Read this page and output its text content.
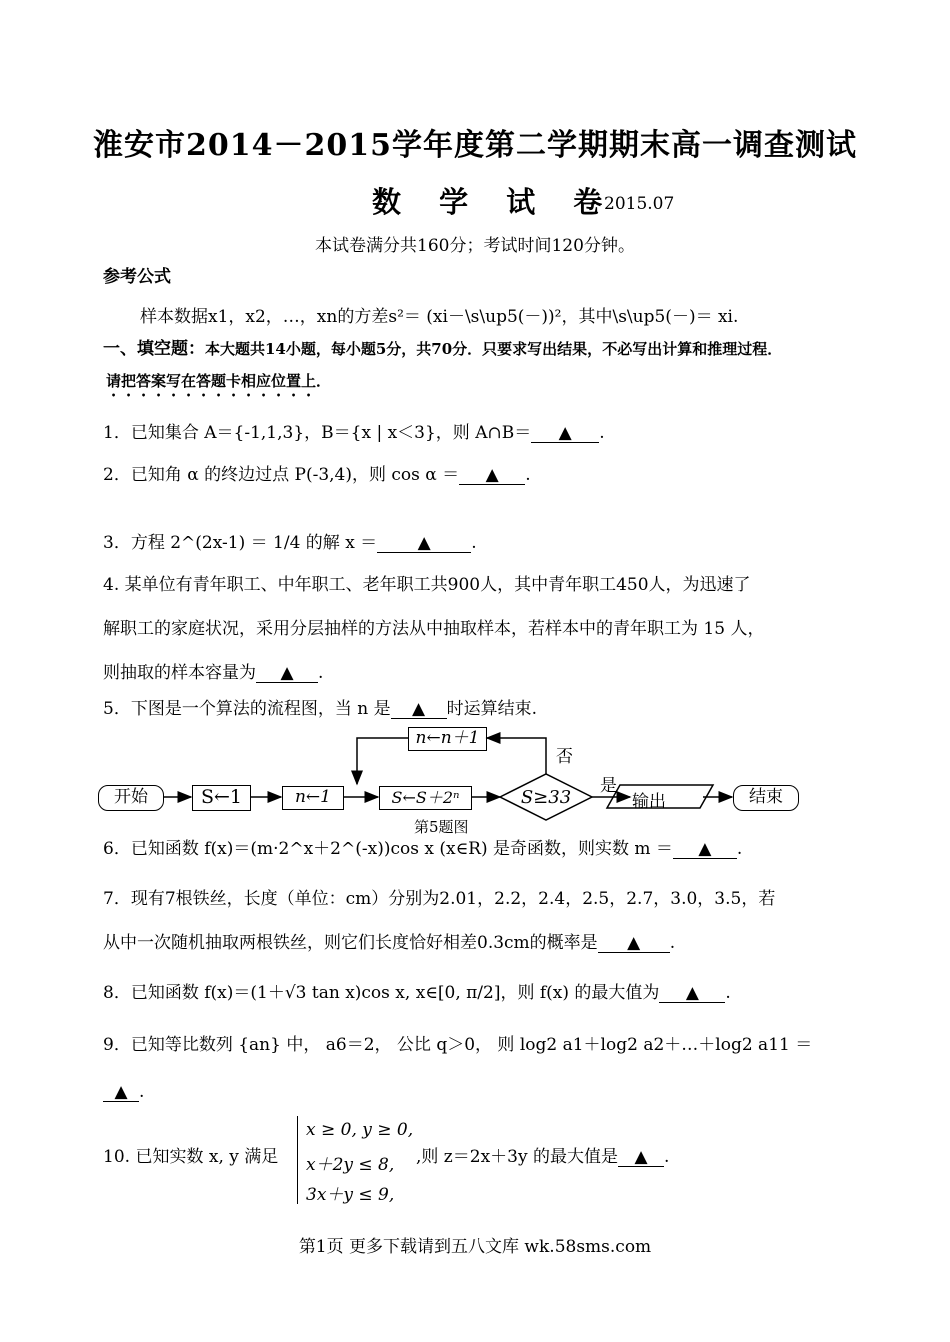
淮安市2014－2015学年度第二学期期末高一调查测试
数 学 试 卷
2015.07
本试卷满分共160分；考试时间120分钟。
参考公式
样本数据x1，x2，…，xn的方差s²＝ (xi－\s\up5(－))²，其中\s\up5(－)＝ xi.
一、填空题：本大题共14小题，每小题5分，共70分．只要求写出结果，不必写出计算和推理过程．
请把答案写在答题卡相应位置上．
1．已知集合 A＝{-1,1,3}，B＝{x | x＜3}，则 A∩B＝ ▲ .
2．已知角 α 的终边过点 P(-3,4)，则 cos α ＝ ▲ .
3．方程 2^(2x-1) ＝ 1/4 的解 x ＝ ▲ .
4. 某单位有青年职工、中年职工、老年职工共900人，其中青年职工450人，为迅速了
解职工的家庭状况，采用分层抽样的方法从中抽取样本，若样本中的青年职工为 15 人，
则抽取的样本容量为 ▲ .
5．下图是一个算法的流程图，当 n 是 ▲ 时运算结束.
开始	S←1	n←1	S←S＋2ⁿ	S≥33
n←n＋1
否
是
输出	结束
第5题图
6．已知函数 f(x)＝(m·2^x＋2^(-x))cos x (x∈R) 是奇函数，则实数 m ＝ ▲ .
7．现有7根铁丝，长度（单位：cm）分别为2.01，2.2，2.4，2.5，2.7，3.0，3.5，若
从中一次随机抽取两根铁丝，则它们长度恰好相差0.3cm的概率是 ▲ .
8．已知函数 f(x)＝(1＋√3 tan x)cos x, x∈[0, π/2]，则 f(x) 的最大值为 ▲ .
9．已知等比数列 {an} 中， a6＝2， 公比 q＞0， 则 log2 a1＋log2 a2＋…＋log2 a11 ＝
▲ .
10. 已知实数 x, y 满足
x ≥ 0, y ≥ 0,
x＋2y ≤ 8,
3x＋y ≤ 9,
,则 z＝2x＋3y 的最大值是 ▲ .
第1页 更多下载请到五八文库 wk.58sms.com
